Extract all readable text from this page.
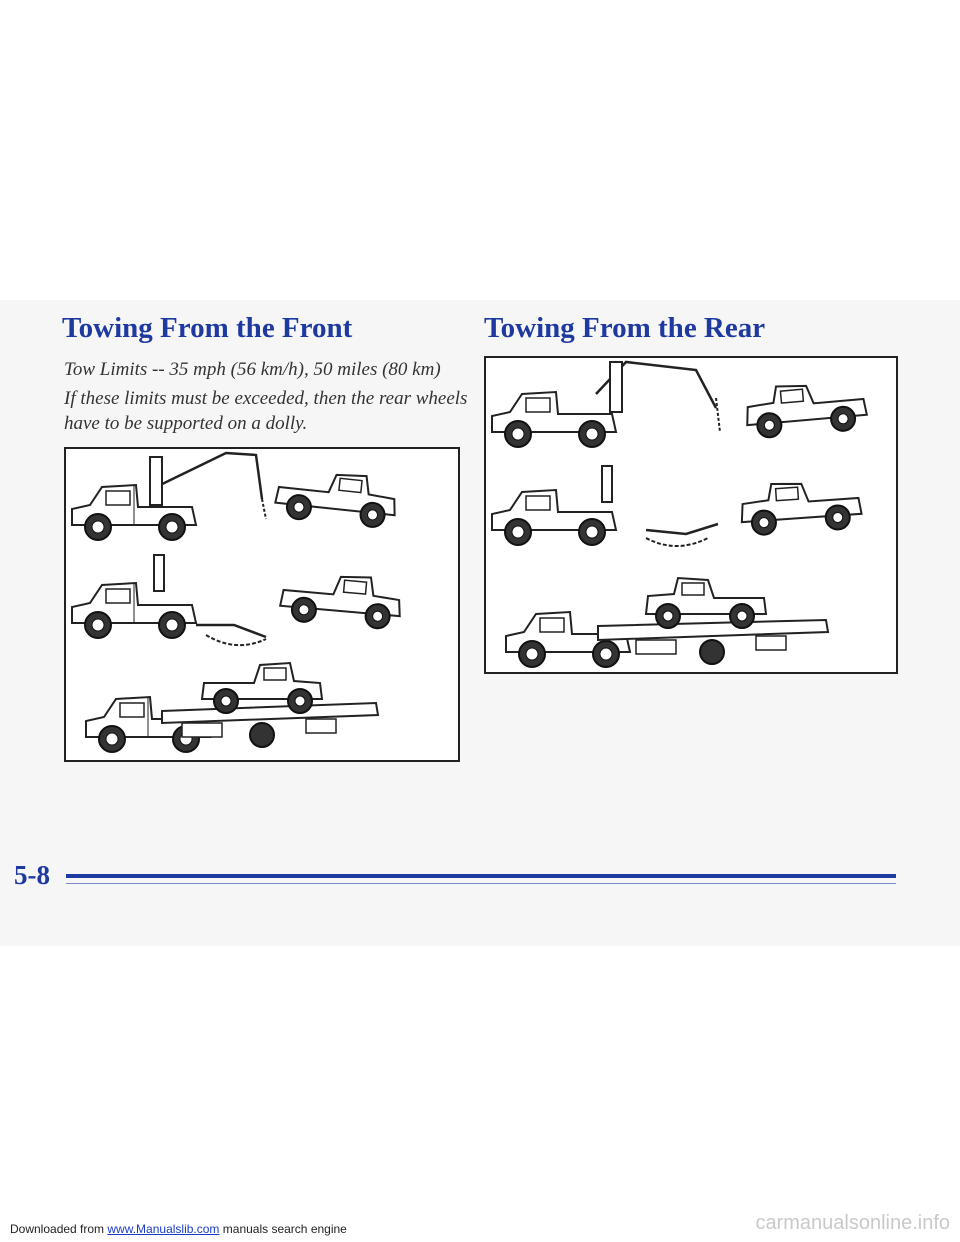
Towing From the Front

Tow Limits -- 35 mph (56 km/h), 50 miles (80 km)

If these limits must be exceeded, then the rear wheels

have to be supported on a dolly.

Towing From the Rear

5-8

Downloaded from www.Manualslib.com manuals search engine	carmanualsonline.info
